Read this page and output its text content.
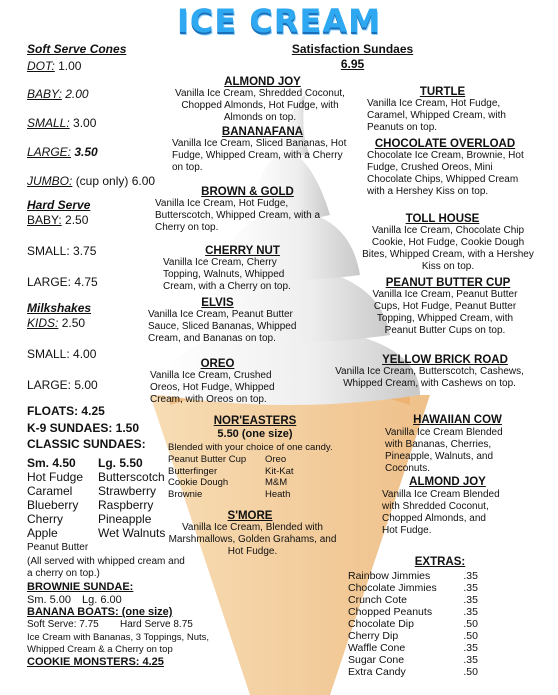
ICE CREAM
Soft Serve Cones
DOT: 1.00
BABY: 2.00
SMALL: 3.00
LARGE: 3.50
JUMBO: (cup only) 6.00
Hard Serve
BABY: 2.50
SMALL: 3.75
LARGE: 4.75
Milkshakes
KIDS: 2.50
SMALL: 4.00
LARGE: 5.00
FLOATS: 4.25
K-9 SUNDAES: 1.50
CLASSIC SUNDAES:
Sm. 4.50 Lg. 5.50
Hot Fudge
Caramel
Blueberry
Cherry
Apple
Butterscotch
Strawberry
Raspberry
Pineapple
Wet Walnuts
Peanut Butter
(All served with whipped cream and a cherry on top.)
BROWNIE SUNDAE:
Sm. 5.00 Lg. 6.00
BANANA BOATS: (one size)
Soft Serve: 7.75 Hard Serve 8.75
Ice Cream with Bananas, 3 Toppings, Nuts, Whipped Cream & a Cherry on top
COOKIE MONSTERS: 4.25
Satisfaction Sundaes
6.95
ALMOND JOY
Vanilla Ice Cream, Shredded Coconut, Chopped Almonds, Hot Fudge, with Almonds on top.
BANANAFANA
Vanilla Ice Cream, Sliced Bananas, Hot Fudge, Whipped Cream, with a Cherry on top.
BROWN & GOLD
Vanilla Ice Cream, Hot Fudge, Butterscotch, Whipped Cream, with a Cherry on top.
CHERRY NUT
Vanilla Ice Cream, Cherry Topping, Walnuts, Whipped Cream, with a Cherry on top.
ELVIS
Vanilla Ice Cream, Peanut Butter Sauce, Sliced Bananas, Whipped Cream, and Bananas on top.
OREO
Vanilla Ice Cream, Crushed Oreos, Hot Fudge, Whipped Cream, with Oreos on top.
TURTLE
Vanilla Ice Cream, Hot Fudge, Caramel, Whipped Cream, with Peanuts on top.
CHOCOLATE OVERLOAD
Chocolate Ice Cream, Brownie, Hot Fudge, Crushed Oreos, Mini Chocolate Chips, Whipped Cream with a Hershey Kiss on top.
TOLL HOUSE
Vanilla Ice Cream, Chocolate Chip Cookie, Hot Fudge, Cookie Dough Bites, Whipped Cream, with a Hershey Kiss on top.
PEANUT BUTTER CUP
Vanilla Ice Cream, Peanut Butter Cups, Hot Fudge, Peanut Butter Topping, Whipped Cream, with Peanut Butter Cups on top.
YELLOW BRICK ROAD
Vanilla Ice Cream, Butterscotch, Cashews, Whipped Cream, with Cashews on top.
NOR'EASTERS
5.50 (one size)
Blended with your choice of one candy.
Peanut Butter Cup
Butterfinger
Cookie Dough
Brownie
Oreo
Kit-Kat
M&M
Heath
S'MORE
Vanilla Ice Cream, Blended with Marshmallows, Golden Grahams, and Hot Fudge.
HAWAIIAN COW
Vanilla Ice Cream Blended with Bananas, Cherries, Pineapple, Walnuts, and Coconuts.
ALMOND JOY
Vanilla Ice Cream Blended with Shredded Coconut, Chopped Almonds, and Hot Fudge.
EXTRAS:
Rainbow Jimmies	.35
Chocolate Jimmies	.35
Crunch Cote	.35
Chopped Peanuts	.35
Chocolate Dip	.50
Cherry Dip	.50
Waffle Cone	.35
Sugar Cone	.35
Extra Candy	.50
